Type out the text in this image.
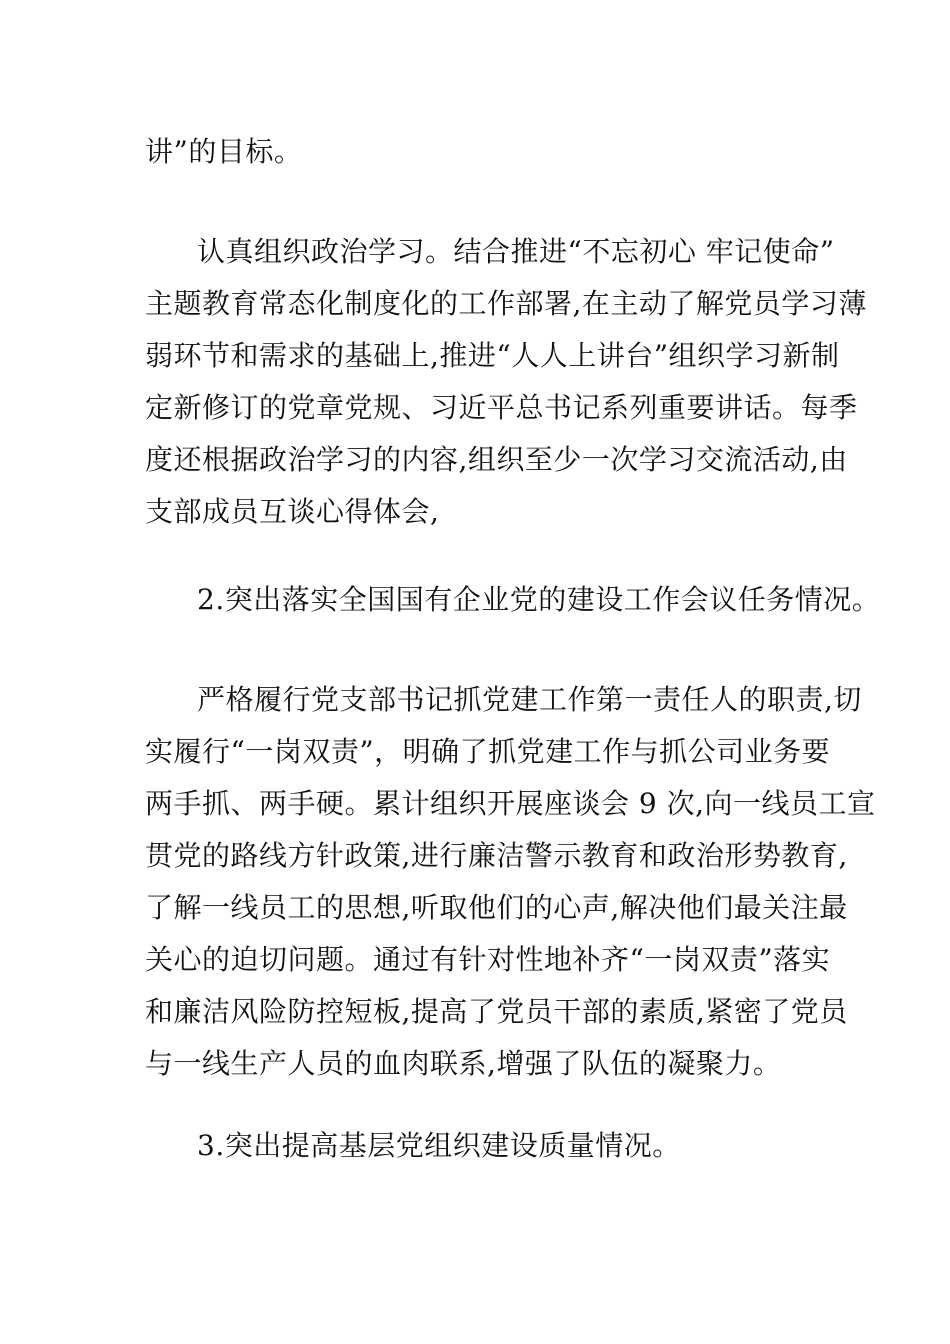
讲”的目标。
认真组织政治学习。结合推进“不忘初心 牢记使命”
主题教育常态化制度化的工作部署,在主动了解党员学习薄
弱环节和需求的基础上,推进“人人上讲台”组织学习新制
定新修订的党章党规、习近平总书记系列重要讲话。每季
度还根据政治学习的内容,组织至少一次学习交流活动,由
支部成员互谈心得体会,
2.突出落实全国国有企业党的建设工作会议任务情况。
严格履行党支部书记抓党建工作第一责任人的职责,切
实履行“一岗双责”，明确了抓党建工作与抓公司业务要
两手抓、两手硬。累计组织开展座谈会 9 次,向一线员工宣
贯党的路线方针政策,进行廉洁警示教育和政治形势教育,
了解一线员工的思想,听取他们的心声,解决他们最关注最
关心的迫切问题。通过有针对性地补齐“一岗双责”落实
和廉洁风险防控短板,提高了党员干部的素质,紧密了党员
与一线生产人员的血肉联系,增强了队伍的凝聚力。
3.突出提高基层党组织建设质量情况。
